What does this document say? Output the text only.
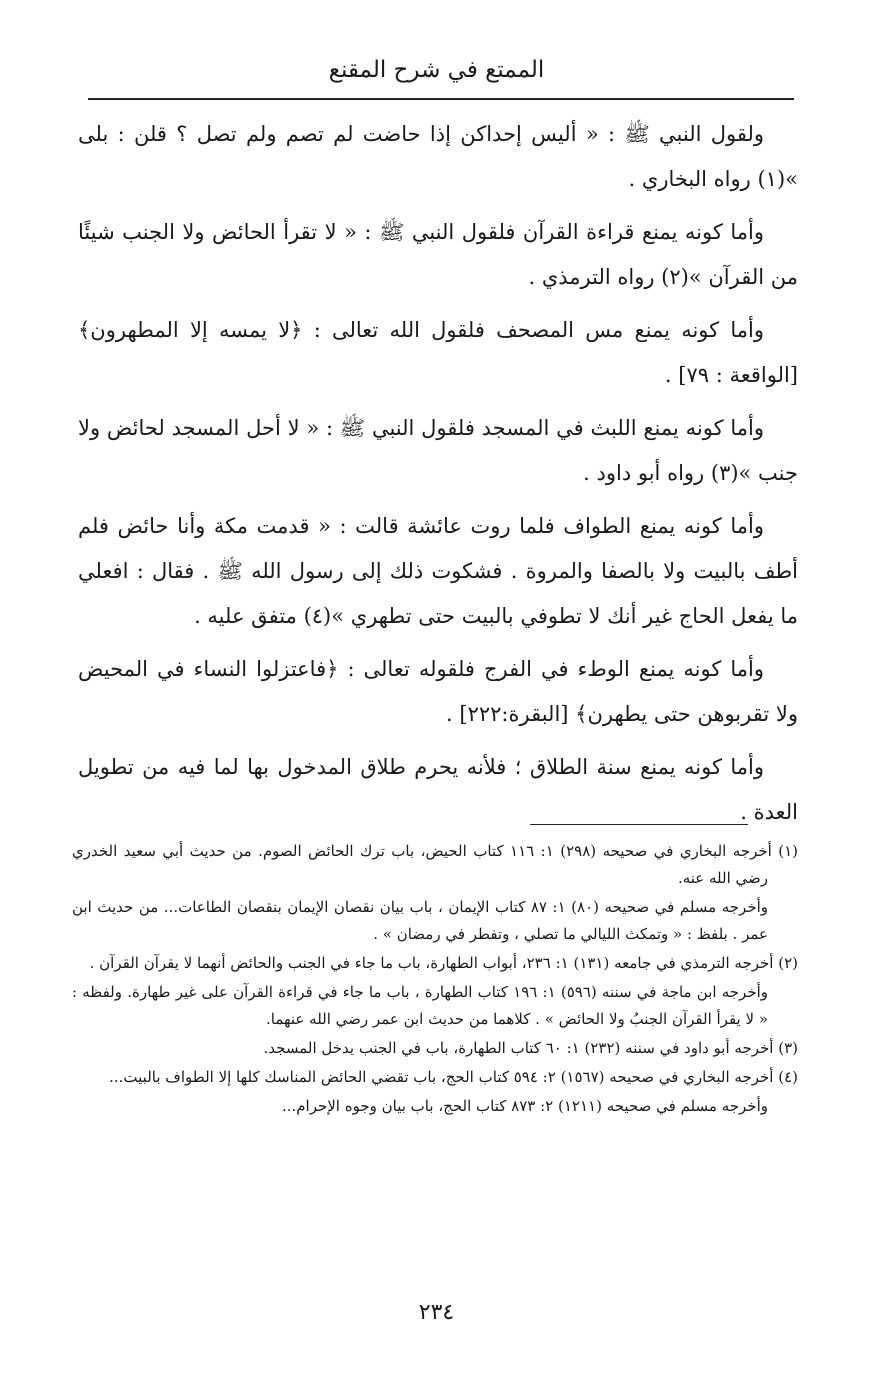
الممتع في شرح المقنع

ولقول النبي ﷺ : « أليس إحداكن إذا حاضت لم تصم ولم تصل ؟ قلن : بلى »(١) رواه البخاري .

وأما كونه يمنع قراءة القرآن فلقول النبي ﷺ : « لا تقرأ الحائض ولا الجنب شيئًا من القرآن »(٢) رواه الترمذي .

وأما كونه يمنع مس المصحف فلقول الله تعالى : ﴿لا يمسه إلا المطهرون﴾ [الواقعة : ٧٩] .

وأما كونه يمنع اللبث في المسجد فلقول النبي ﷺ : « لا أحل المسجد لحائض ولا جنب »(٣) رواه أبو داود .

وأما كونه يمنع الطواف فلما روت عائشة قالت : « قدمت مكة وأنا حائض فلم أطف بالبيت ولا بالصفا والمروة . فشكوت ذلك إلى رسول الله ﷺ . فقال : افعلي ما يفعل الحاج غير أنك لا تطوفي بالبيت حتى تطهري »(٤) متفق عليه .

وأما كونه يمنع الوطء في الفرج فلقوله تعالى : ﴿فاعتزلوا النساء في المحيض ولا تقربوهن حتى يطهرن﴾ [البقرة:٢٢٢] .

وأما كونه يمنع سنة الطلاق ؛ فلأنه يحرم طلاق المدخول بها لما فيه من تطويل العدة .

(١) أخرجه البخاري في صحيحه (٢٩٨) ١: ١١٦ كتاب الحيض، باب ترك الحائض الصوم. من حديث أبي سعيد الخدري رضي الله عنه.

وأخرجه مسلم في صحيحه (٨٠) ١: ٨٧ كتاب الإيمان ، باب بيان نقصان الإيمان بنقصان الطاعات... من حديث ابن عمر . بلفظ : « وتمكث الليالي ما تصلي ، وتفطر في رمضان » .

(٢) أخرجه الترمذي في جامعه (١٣١) ١: ٢٣٦، أبواب الطهارة، باب ما جاء في الجنب والحائض أنهما لا يقرآن القرآن .

وأخرجه ابن ماجة في سننه (٥٩٦) ١: ١٩٦ كتاب الطهارة ، باب ما جاء في قراءة القرآن على غير طهارة. ولفظه : « لا يقرأ القرآن الجنبُ ولا الحائض » . كلاهما من حديث ابن عمر رضي الله عنهما.

(٣) أخرجه أبو داود في سننه (٢٣٢) ١: ٦٠ كتاب الطهارة، باب في الجنب يدخل المسجد.

(٤) أخرجه البخاري في صحيحه (١٥٦٧) ٢: ٥٩٤ كتاب الحج، باب تقضي الحائض المناسك كلها إلا الطواف بالبيت...

وأخرجه مسلم في صحيحه (١٢١١) ٢: ٨٧٣ كتاب الحج، باب بيان وجوه الإحرام...

٢٣٤
